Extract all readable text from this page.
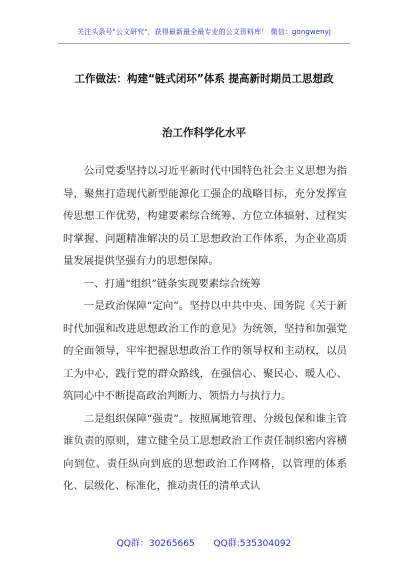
关注头条号"公文研究"，获得最新最全最专业的公文资料库！ 微信：gongwenyj
工作做法：构建“链式闭环”体系 提高新时期员工思想政
治工作科学化水平

公司党委坚持以习近平新时代中国特色社会主义思想为指导，聚焦打造现代新型能源化工强企的战略目标，充分发挥宣传思想工作优势，构建要素综合统筹、方位立体辐射、过程实时掌握、问题精准解决的员工思想政治工作体系，为企业高质量发展提供坚强有力的思想保障。

一、打通“组织”链条实现要素综合统筹

一是政治保障“定向”。坚持以中共中央、国务院《关于新时代加强和改进思想政治工作的意见》为统领，坚持和加强党的全面领导，牢牢把握思想政治工作的领导权和主动权，以员工为中心，践行党的群众路线，在强信心、聚民心、暖人心、筑同心中不断提高政治判断力、领悟力与执行力。

二是组织保障“强责”。按照属地管理、分级包保和谁主管谁负责的原则，建立健全员工思想政治工作责任制织密内容横向到位、责任纵向到底的思想政治工作网格，以管理的体系化、层级化、标准化，推动责任的清单式认

QQ群：30265665 QQ群:535304092
